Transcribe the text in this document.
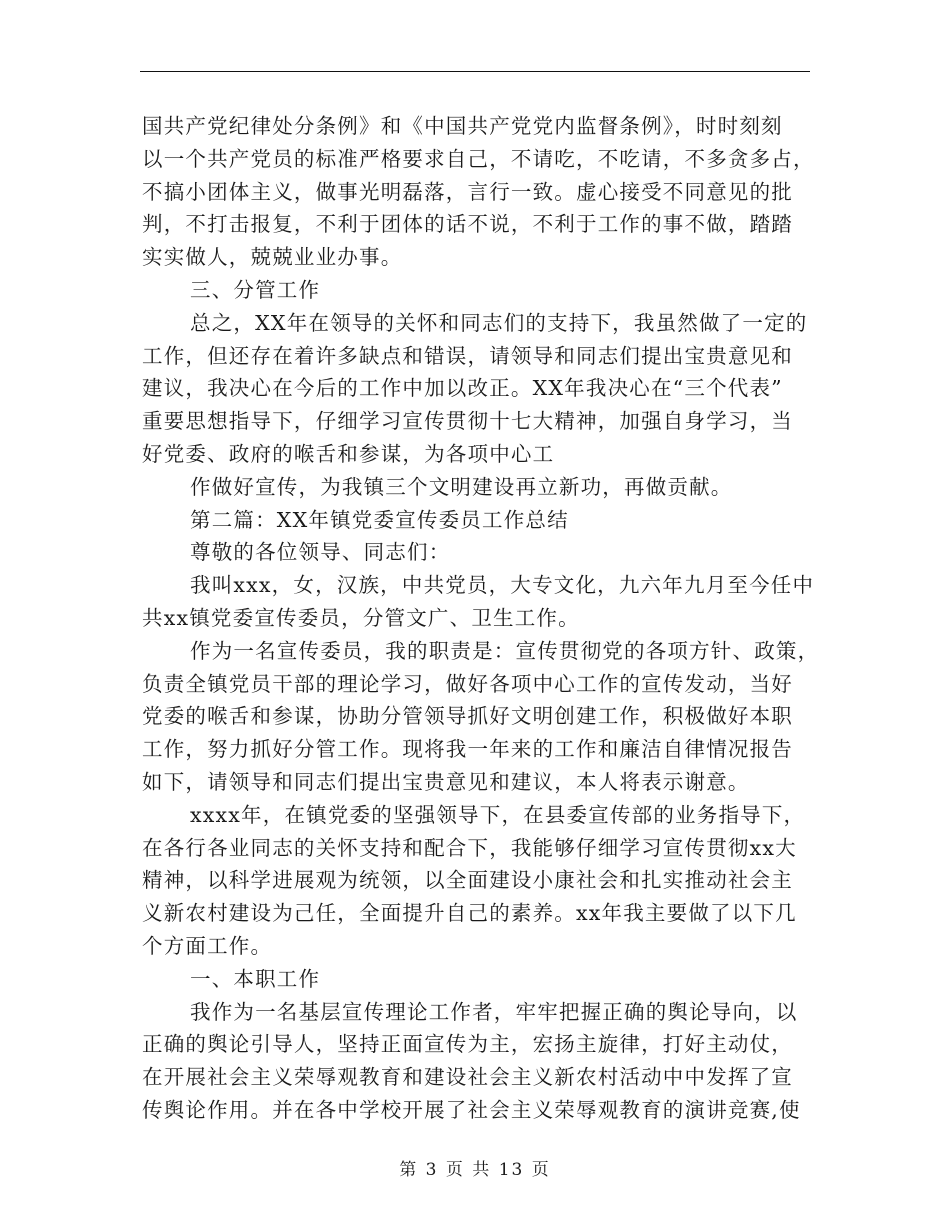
国共产党纪律处分条例》和《中国共产党党内监督条例》，时时刻刻
以一个共产党员的标准严格要求自己，不请吃，不吃请，不多贪多占，
不搞小团体主义，做事光明磊落，言行一致。虚心接受不同意见的批
判，不打击报复，不利于团体的话不说，不利于工作的事不做，踏踏
实实做人，兢兢业业办事。
三、分管工作
总之，XX年在领导的关怀和同志们的支持下，我虽然做了一定的
工作，但还存在着许多缺点和错误，请领导和同志们提出宝贵意见和
建议，我决心在今后的工作中加以改正。XX年我决心在“三个代表”
重要思想指导下，仔细学习宣传贯彻十七大精神，加强自身学习，当
好党委、政府的喉舌和参谋，为各项中心工
作做好宣传，为我镇三个文明建设再立新功，再做贡献。
第二篇：XX年镇党委宣传委员工作总结
尊敬的各位领导、同志们：
我叫xxx，女，汉族，中共党员，大专文化，九六年九月至今任中
共xx镇党委宣传委员，分管文广、卫生工作。
作为一名宣传委员，我的职责是：宣传贯彻党的各项方针、政策，
负责全镇党员干部的理论学习，做好各项中心工作的宣传发动，当好
党委的喉舌和参谋，协助分管领导抓好文明创建工作，积极做好本职
工作，努力抓好分管工作。现将我一年来的工作和廉洁自律情况报告
如下，请领导和同志们提出宝贵意见和建议，本人将表示谢意。
xxxx年，在镇党委的坚强领导下，在县委宣传部的业务指导下，
在各行各业同志的关怀支持和配合下，我能够仔细学习宣传贯彻xx大
精神，以科学进展观为统领，以全面建设小康社会和扎实推动社会主
义新农村建设为己任，全面提升自己的素养。xx年我主要做了以下几
个方面工作。
一、本职工作
我作为一名基层宣传理论工作者，牢牢把握正确的舆论导向，以
正确的舆论引导人，坚持正面宣传为主，宏扬主旋律，打好主动仗，
在开展社会主义荣辱观教育和建设社会主义新农村活动中中发挥了宣
传舆论作用。并在各中学校开展了社会主义荣辱观教育的演讲竞赛,使
第 3 页 共 13 页
